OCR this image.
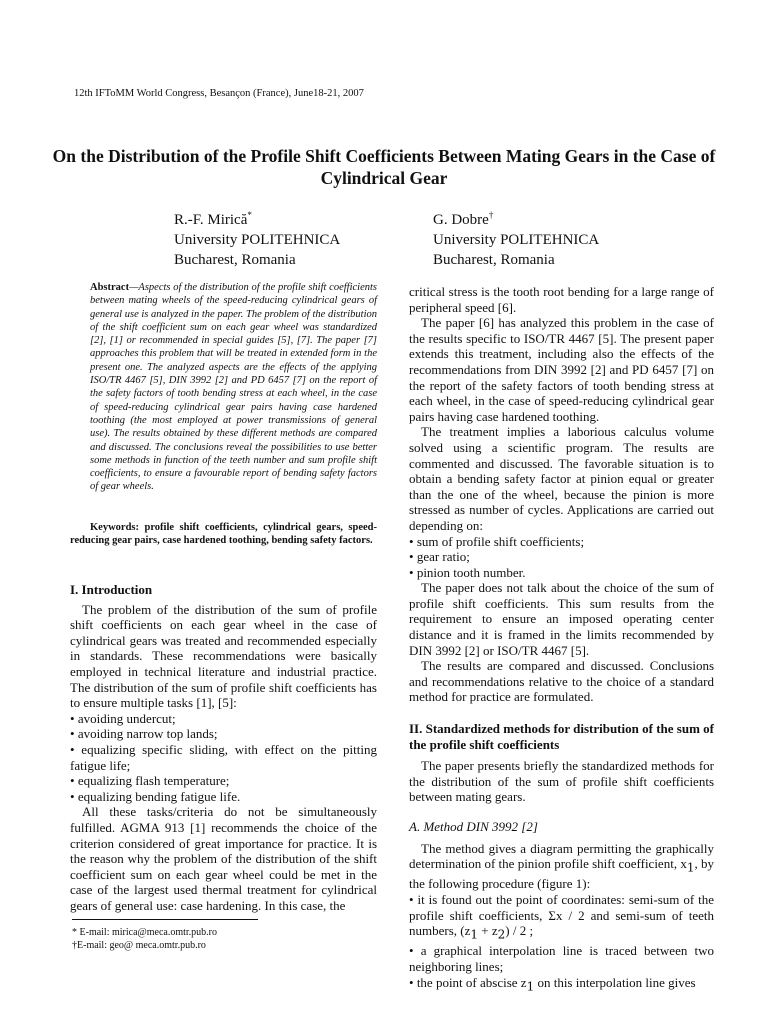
12th IFToMM World Congress, Besançon (France), June18-21, 2007
On the Distribution of the Profile Shift Coefficients Between Mating Gears in the Case of Cylindrical Gear
R.-F. Mirică*
University POLITEHNICA
Bucharest, Romania
G. Dobre†
University POLITEHNICA
Bucharest, Romania
Abstract—Aspects of the distribution of the profile shift coefficients between mating wheels of the speed-reducing cylindrical gears of general use is analyzed in the paper. The problem of the distribution of the shift coefficient sum on each gear wheel was standardized [2], [1] or recommended in special guides [5], [7]. The paper [7] approaches this problem that will be treated in extended form in the present one. The analyzed aspects are the effects of the applying ISO/TR 4467 [5], DIN 3992 [2] and PD 6457 [7] on the report of the safety factors of tooth bending stress at each wheel, in the case of speed-reducing cylindrical gear pairs having case hardened toothing (the most employed at power transmissions of general use). The results obtained by these different methods are compared and discussed. The conclusions reveal the possibilities to use better some methods in function of the teeth number and sum profile shift coefficients, to ensure a favourable report of bending safety factors of gear wheels.
Keywords: profile shift coefficients, cylindrical gears, speed-reducing gear pairs, case hardened toothing, bending safety factors.

I. Introduction

The problem of the distribution of the sum of profile shift coefficients on each gear wheel in the case of cylindrical gears was treated and recommended especially in standards. These recommendations were basically employed in technical literature and industrial practice. The distribution of the sum of profile shift coefficients has to ensure multiple tasks [1], [5]:

• avoiding undercut;

• avoiding narrow top lands;

• equalizing specific sliding, with effect on the pitting fatigue life;

• equalizing flash temperature;

• equalizing bending fatigue life.

All these tasks/criteria do not be simultaneously fulfilled. AGMA 913 [1] recommends the choice of the criterion considered of great importance for practice. It is the reason why the problem of the distribution of the shift coefficient sum on each gear wheel could be met in the case of the largest used thermal treatment for cylindrical gears of general use: case hardening. In this case, the

* E-mail: mirica@meca.omtr.pub.ro
†E-mail: geo@ meca.omtr.pub.ro

critical stress is the tooth root bending for a large range of peripheral speed [6].

The paper [6] has analyzed this problem in the case of the results specific to ISO/TR 4467 [5]. The present paper extends this treatment, including also the effects of the recommendations from DIN 3992 [2] and PD 6457 [7] on the report of the safety factors of tooth bending stress at each wheel, in the case of speed-reducing cylindrical gear pairs having case hardened toothing.

The treatment implies a laborious calculus volume solved using a scientific program. The results are commented and discussed. The favorable situation is to obtain a bending safety factor at pinion equal or greater than the one of the wheel, because the pinion is more stressed as number of cycles. Applications are carried out depending on:

• sum of profile shift coefficients;

• gear ratio;

• pinion tooth number.

The paper does not talk about the choice of the sum of profile shift coefficients. This sum results from the requirement to ensure an imposed operating center distance and it is framed in the limits recommended by DIN 3992 [2] or ISO/TR 4467 [5].

The results are compared and discussed. Conclusions and recommendations relative to the choice of a standard method for practice are formulated.

II. Standardized methods for distribution of the sum of the profile shift coefficients

The paper presents briefly the standardized methods for the distribution of the sum of profile shift coefficients between mating gears.

A. Method DIN 3992 [2]

The method gives a diagram permitting the graphically determination of the pinion profile shift coefficient, $x_1$, by the following procedure (figure 1):

• it is found out the point of coordinates: semi-sum of the profile shift coefficients, Σx / 2 and semi-sum of teeth numbers, $(z_1 + z_2) / 2$ ;

• a graphical interpolation line is traced between two neighboring lines;

• the point of abscise $z_1$ on this interpolation line gives
